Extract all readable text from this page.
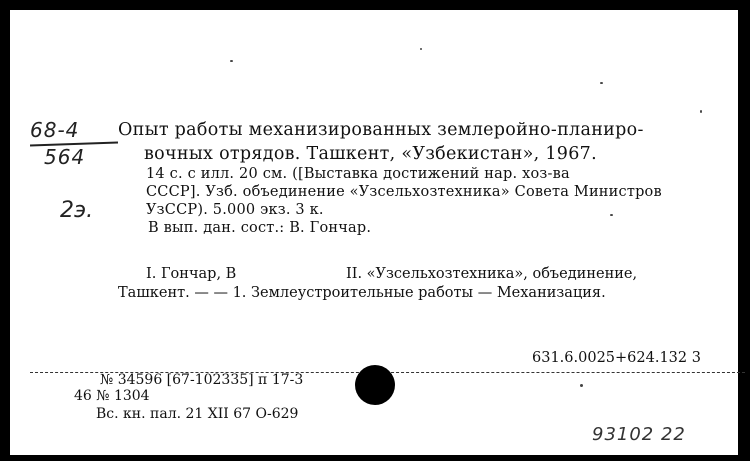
68-4
564
2э.
Опыт работы механизированных землеройно-планиро-
вочных отрядов. Ташкент, «Узбекистан», 1967.
14 с. с илл. 20 см. ([Выставка достижений нар. хоз-ва
СССР]. Узб. объединение «Узсельхозтехника» Совета Министров
УзССР). 5.000 экз. 3 к.
В вып. дан. сост.: В. Гончар.
I. Гончар, В	II. «Узсельхозтехника», объединение,
Ташкент. — — 1. Землеустроительные работы — Механизация.
631.6.0025+624.132 3
№ 34596 [67-102335] п 17-3
46 № 1304
Вс. кн. пал. 21 XII 67 О-629
93102 22
